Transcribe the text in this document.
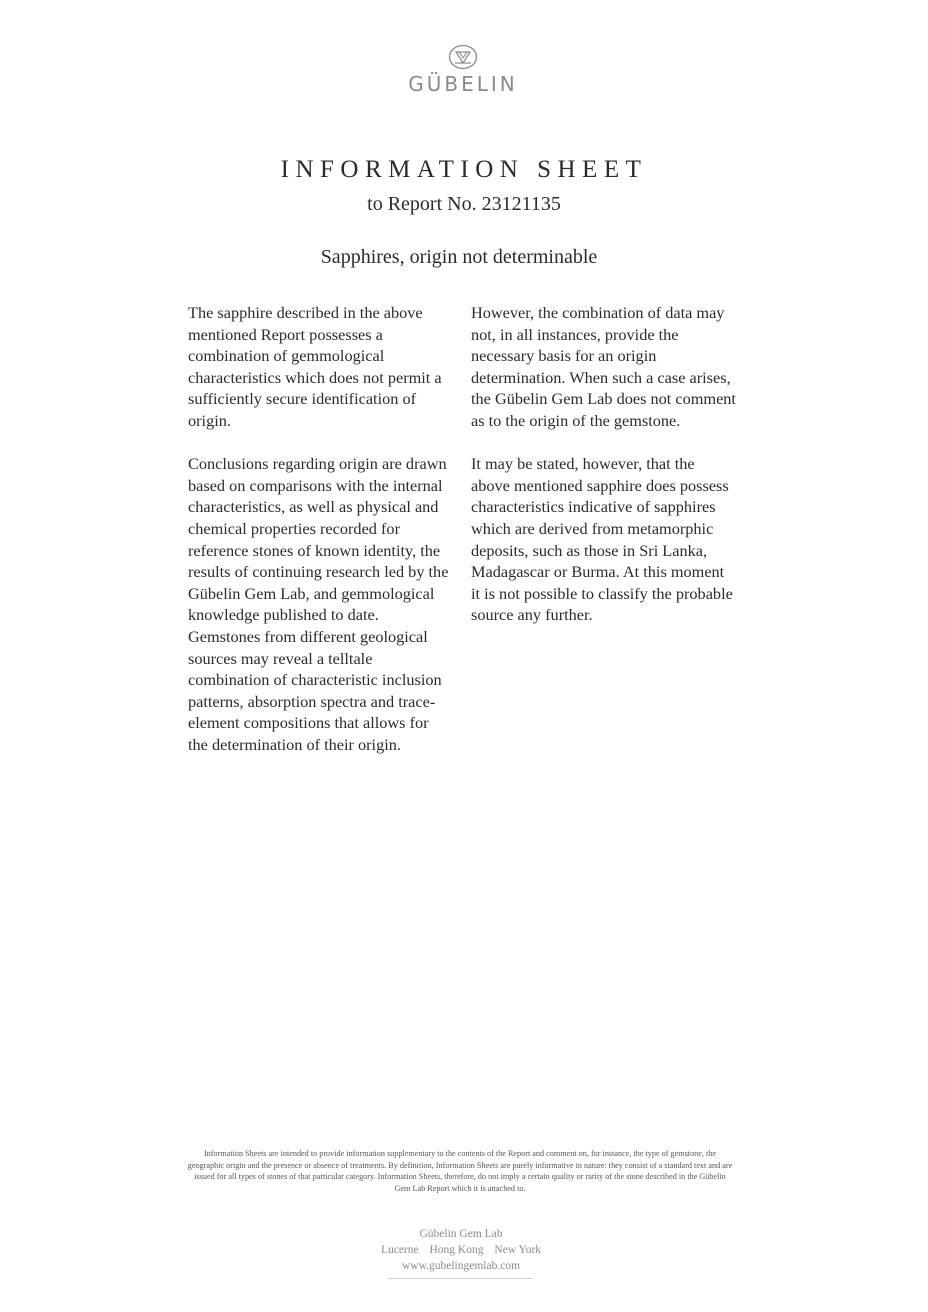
GÜBELIN
INFORMATION SHEET
to Report No. 23121135
Sapphires, origin not determinable

The sapphire described in the above mentioned Report possesses a combination of gemmological characteristics which does not permit a sufficiently secure identification of origin.

Conclusions regarding origin are drawn based on comparisons with the internal characteristics, as well as physical and chemical properties recorded for reference stones of known identity, the results of continuing research led by the Gübelin Gem Lab, and gemmological knowledge published to date. Gemstones from different geological sources may reveal a telltale combination of characteristic inclusion patterns, absorption spectra and trace-element compositions that allows for the determination of their origin.

However, the combination of data may not, in all instances, provide the necessary basis for an origin determination. When such a case arises, the Gübelin Gem Lab does not comment as to the origin of the gemstone.

It may be stated, however, that the above mentioned sapphire does possess characteristics indicative of sapphires which are derived from metamorphic deposits, such as those in Sri Lanka, Madagascar or Burma. At this moment it is not possible to classify the probable source any further.

Information Sheets are intended to provide information supplementary to the contents of the Report and comment on, for instance, the type of gemstone, the geographic origin and the presence or absence of treatments. By definition, Information Sheets are purely informative in nature: they consist of a standard text and are issued for all types of stones of that particular category. Information Sheets, therefore, do not imply a certain quality or rarity of the stone described in the Gübelin Gem Lab Report which it is attached to.
Gübelin Gem Lab
Lucerne Hong Kong New York
www.gubelingemlab.com
